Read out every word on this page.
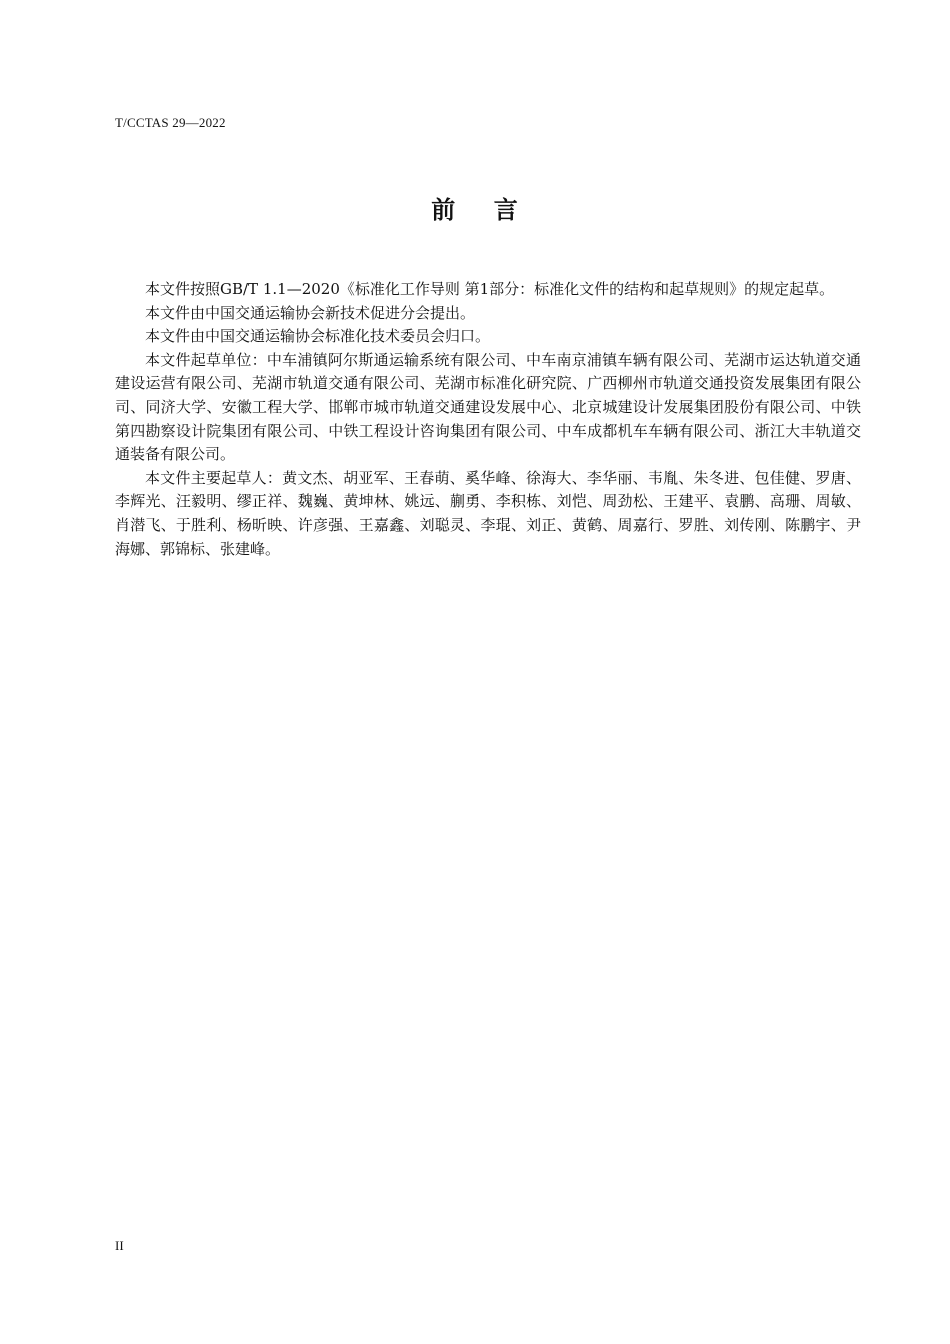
T/CCTAS 29—2022
前    言

本文件按照GB/T 1.1—2020《标准化工作导则 第1部分：标准化文件的结构和起草规则》的规定起草。

本文件由中国交通运输协会新技术促进分会提出。

本文件由中国交通运输协会标准化技术委员会归口。

本文件起草单位：中车浦镇阿尔斯通运输系统有限公司、中车南京浦镇车辆有限公司、芜湖市运达轨道交通建设运营有限公司、芜湖市轨道交通有限公司、芜湖市标准化研究院、广西柳州市轨道交通投资发展集团有限公司、同济大学、安徽工程大学、邯郸市城市轨道交通建设发展中心、北京城建设计发展集团股份有限公司、中铁第四勘察设计院集团有限公司、中铁工程设计咨询集团有限公司、中车成都机车车辆有限公司、浙江大丰轨道交通装备有限公司。

本文件主要起草人：黄文杰、胡亚军、王春萌、奚华峰、徐海大、李华丽、韦胤、朱冬进、包佳健、罗唐、李辉光、汪毅明、缪正祥、魏巍、黄坤林、姚远、蒯勇、李积栋、刘恺、周劲松、王建平、袁鹏、高珊、周敏、肖潜飞、于胜利、杨昕映、许彦强、王嘉鑫、刘聪灵、李琨、刘正、黄鹤、周嘉行、罗胜、刘传刚、陈鹏宇、尹海娜、郭锦标、张建峰。

II
